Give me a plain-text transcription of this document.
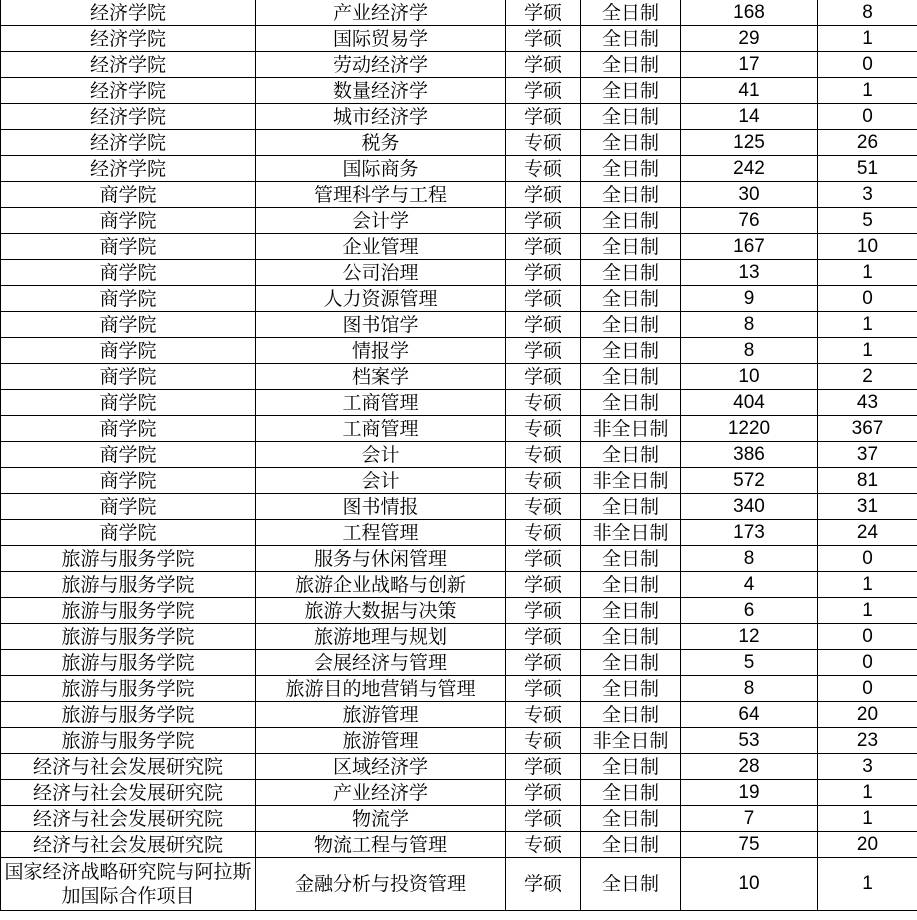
经济学院	产业经济学	学硕	全日制	168	8
经济学院	国际贸易学	学硕	全日制	29	1
经济学院	劳动经济学	学硕	全日制	17	0
经济学院	数量经济学	学硕	全日制	41	1
经济学院	城市经济学	学硕	全日制	14	0
经济学院	税务	专硕	全日制	125	26
经济学院	国际商务	专硕	全日制	242	51
商学院	管理科学与工程	学硕	全日制	30	3
商学院	会计学	学硕	全日制	76	5
商学院	企业管理	学硕	全日制	167	10
商学院	公司治理	学硕	全日制	13	1
商学院	人力资源管理	学硕	全日制	9	0
商学院	图书馆学	学硕	全日制	8	1
商学院	情报学	学硕	全日制	8	1
商学院	档案学	学硕	全日制	10	2
商学院	工商管理	专硕	全日制	404	43
商学院	工商管理	专硕	非全日制	1220	367
商学院	会计	专硕	全日制	386	37
商学院	会计	专硕	非全日制	572	81
商学院	图书情报	专硕	全日制	340	31
商学院	工程管理	专硕	非全日制	173	24
旅游与服务学院	服务与休闲管理	学硕	全日制	8	0
旅游与服务学院	旅游企业战略与创新	学硕	全日制	4	1
旅游与服务学院	旅游大数据与决策	学硕	全日制	6	1
旅游与服务学院	旅游地理与规划	学硕	全日制	12	0
旅游与服务学院	会展经济与管理	学硕	全日制	5	0
旅游与服务学院	旅游目的地营销与管理	学硕	全日制	8	0
旅游与服务学院	旅游管理	专硕	全日制	64	20
旅游与服务学院	旅游管理	专硕	非全日制	53	23
经济与社会发展研究院	区域经济学	学硕	全日制	28	3
经济与社会发展研究院	产业经济学	学硕	全日制	19	1
经济与社会发展研究院	物流学	学硕	全日制	7	1
经济与社会发展研究院	物流工程与管理	专硕	全日制	75	20
国家经济战略研究院与阿拉斯加国际合作项目	金融分析与投资管理	学硕	全日制	10	1
